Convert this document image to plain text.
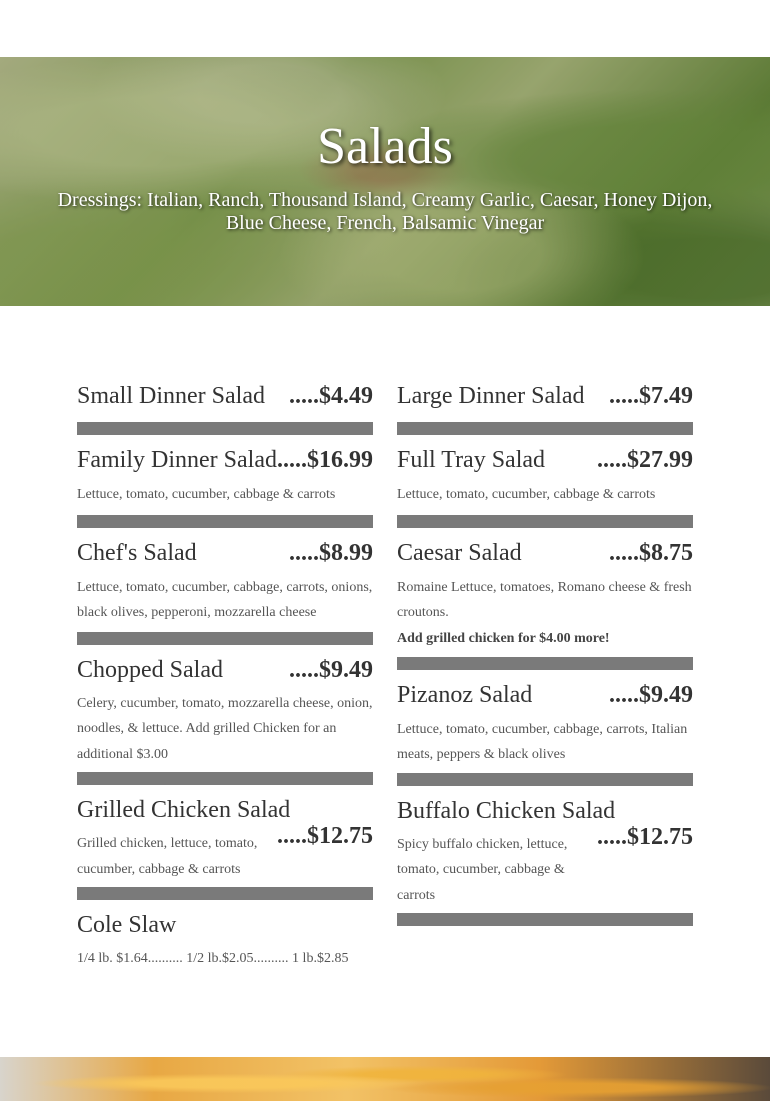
Salads
Dressings: Italian, Ranch, Thousand Island, Creamy Garlic, Caesar, Honey Dijon, Blue Cheese, French, Balsamic Vinegar
Small Dinner Salad .....$4.49
Family Dinner Salad .....$16.99
Lettuce, tomato, cucumber, cabbage & carrots
Chef's Salad	.....$8.99
Lettuce, tomato, cucumber, cabbage, carrots, onions, black olives, pepperoni, mozzarella cheese
Chopped Salad	.....$9.49
Celery, cucumber, tomato, mozzarella cheese, onion, noodles, & lettuce. Add grilled Chicken for an additional $3.00
Grilled Chicken Salad
Grilled chicken, lettuce, tomato, cucumber, cabbage & carrots
.....$12.75
Cole Slaw
1/4 lb. $1.64.......... 1/2 lb.$2.05.......... 1 lb.$2.85
Large Dinner Salad .....$7.49
Full Tray Salad .....$27.99
Lettuce, tomato, cucumber, cabbage & carrots
Caesar Salad	.....$8.75
Romaine Lettuce, tomatoes, Romano cheese & fresh croutons.
Add grilled chicken for $4.00 more!
Pizanoz Salad	.....$9.49
Lettuce, tomato, cucumber, cabbage, carrots, Italian meats, peppers & black olives
Buffalo Chicken Salad
Spicy buffalo chicken, lettuce, tomato, cucumber, cabbage & carrots
.....$12.75
